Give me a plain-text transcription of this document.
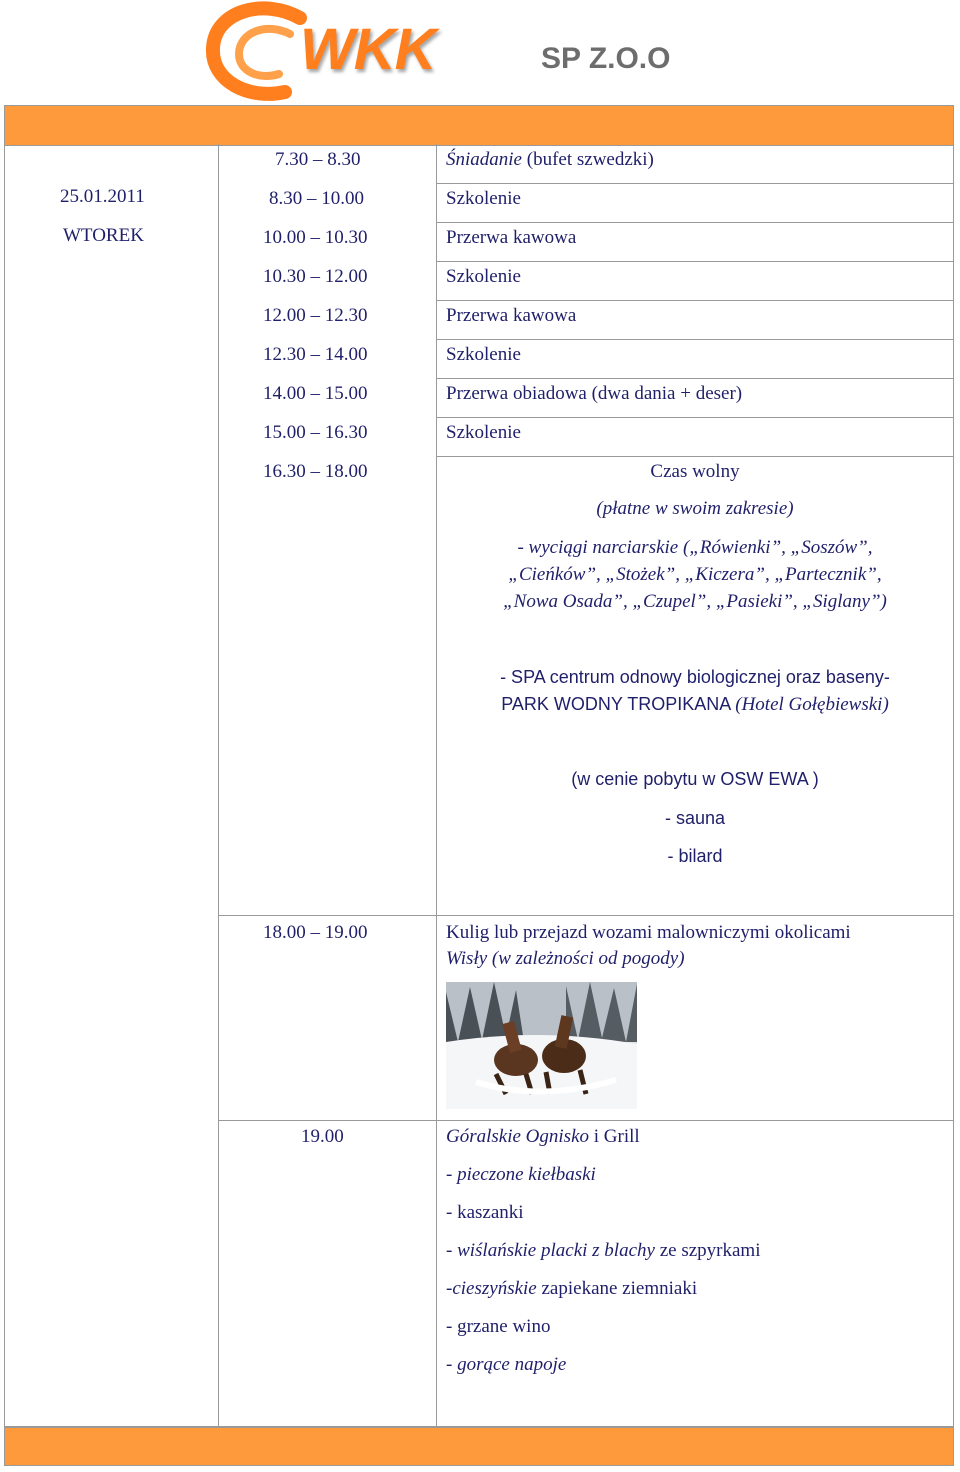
WKK	SP Z.O.O
25.01.2011
WTOREK
7.30 – 8.30
8.30 – 10.00
10.00 – 10.30
10.30 – 12.00
12.00 – 12.30
12.30 – 14.00
14.00 – 15.00
15.00 – 16.30
16.30 – 18.00
18.00 – 19.00
19.00
Śniadanie (bufet szwedzki)
Szkolenie
Przerwa kawowa
Szkolenie
Przerwa kawowa
Szkolenie
Przerwa obiadowa (dwa dania + deser)
Szkolenie
Czas wolny
(płatne w swoim zakresie)
- wyciągi narciarskie („Rówienki”, „Soszów”,
„Cieńków”, „Stożek”, „Kiczera”, „Partecznik”,
„Nowa Osada”, „Czupel”, „Pasieki”, „Siglany”)
- SPA centrum odnowy biologicznej oraz baseny-
PARK WODNY TROPIKANA (Hotel Gołębiewski)
(w cenie pobytu w OSW EWA )
- sauna
- bilard
Kulig lub przejazd wozami malowniczymi okolicami
Wisły (w zależności od pogody)
Góralskie Ognisko i Grill
- pieczone kiełbaski
- kaszanki
- wiślańskie placki z blachy ze szpyrkami
-cieszyńskie zapiekane ziemniaki
- grzane wino
- gorące napoje
